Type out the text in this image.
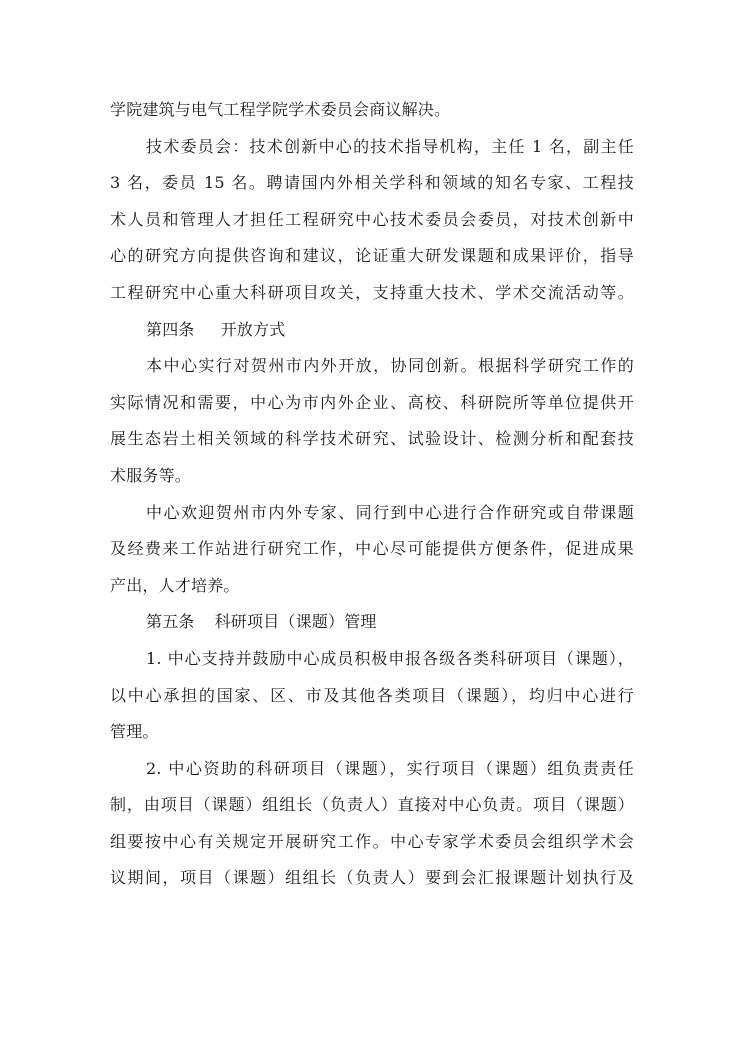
学院建筑与电气工程学院学术委员会商议解决。
技术委员会：技术创新中心的技术指导机构，主任 1 名，副主任
3 名，委员 15 名。聘请国内外相关学科和领域的知名专家、工程技
术人员和管理人才担任工程研究中心技术委员会委员，对技术创新中
心的研究方向提供咨询和建议，论证重大研发课题和成果评价，指导
工程研究中心重大科研项目攻关，支持重大技术、学术交流活动等。
第四条 开放方式
本中心实行对贺州市内外开放，协同创新。根据科学研究工作的
实际情况和需要，中心为市内外企业、高校、科研院所等单位提供开
展生态岩土相关领域的科学技术研究、试验设计、检测分析和配套技
术服务等。
中心欢迎贺州市内外专家、同行到中心进行合作研究或自带课题
及经费来工作站进行研究工作，中心尽可能提供方便条件，促进成果
产出，人才培养。
第五条 科研项目（课题）管理
1. 中心支持并鼓励中心成员积极申报各级各类科研项目（课题），
以中心承担的国家、区、市及其他各类项目（课题），均归中心进行
管理。
2. 中心资助的科研项目（课题），实行项目（课题）组负责责任
制，由项目（课题）组组长（负责人）直接对中心负责。项目（课题）
组要按中心有关规定开展研究工作。中心专家学术委员会组织学术会
议期间，项目（课题）组组长（负责人）要到会汇报课题计划执行及
